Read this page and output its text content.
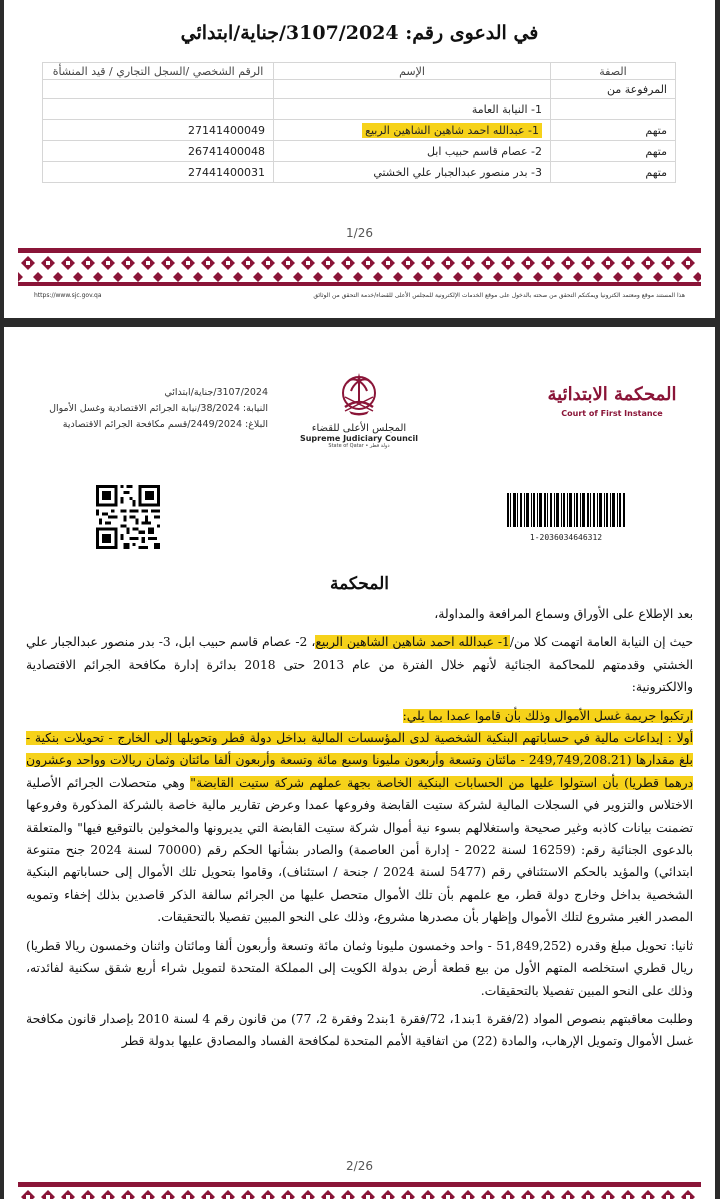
في الدعوى رقم: 3107/2024/جناية/ابتدائي
الصفة	الإسم	الرقم الشخصي /السجل التجاري / قيد المنشأة
المرفوعة من		
	1- النيابة العامة	
متهم	1- عبدالله احمد شاهين الشاهين الربيع	27141400049
متهم	2- عصام قاسم حبيب ابل	26741400048
متهم	3- بدر منصور عبدالجبار علي الخشتي	27441400031
1/26
هذا المستند موقع ومعتمد الكترونيا ويمكنكم التحقق من صحته بالدخول على موقع الخدمات الإلكترونية للمجلس الأعلى للقضاء/خدمة التحقق من الوثائق
https://www.sjc.gov.qa
المحكمة الابتدائية
Court of First Instance
المجلس الأعلى للقضاء
Supreme Judiciary Council
State of Qatar • دولة قطر
3107/2024/جناية/ابتدائي
النيابة: 38/2024/نيابة الجرائم الاقتصادية وغسل الأموال
البلاغ: 2449/2024/قسم مكافحة الجرائم الاقتصادية
1-2036034646312
المحكمة

بعد الإطلاع على الأوراق وسماع المرافعة والمداولة،

حيث إن النيابة العامة اتهمت كلا من/1- عبدالله احمد شاهين الشاهين الربيع، 2- عصام قاسم حبيب ابل، 3- بدر منصور عبدالجبار علي الخشتي وقدمتهم للمحاكمة الجنائية لأنهم خلال الفترة من عام 2013 حتى 2018 بدائرة إدارة مكافحة الجرائم الاقتصادية والالكترونية:

ارتكبوا جريمة غسل الأموال وذلك بأن قاموا عمدا بما يلي:

أولا : إيداعات مالية في حساباتهم البنكية الشخصية لدى المؤسسات المالية بداخل دولة قطر وتحويلها إلى الخارج - تحويلات بنكية - بلغ مقدارها (249,749,208.21 - مائتان وتسعة وأربعون مليونا وسبع مائة وتسعة وأربعون ألفا مائتان وثمان ريالات وواحد وعشرون درهما قطريا) بأن استولوا عليها من الحسابات البنكية الخاصة بجهة عملهم شركة ستيت القابضة" وهي متحصلات الجرائم الأصلية الاختلاس والتزوير في السجلات المالية لشركة ستيت القابضة وفروعها عمدا وعرض تقارير مالية خاصة بالشركة المذكورة وفروعها تضمنت بيانات كاذبه وغير صحيحة واستغلالهم بسوء نية أموال شركة ستيت القابضة التي يديرونها والمخولين بالتوقيع فيها" والمتعلقة بالدعوى الجنائية رقم: (16259 لسنة 2022 - إدارة أمن العاصمة) والصادر بشأنها الحكم رقم (70000 لسنة 2024 جنح متنوعة ابتدائي) والمؤيد بالحكم الاستئنافي رقم (5477 لسنة 2024 / جنحة / استئناف)، وقاموا بتحويل تلك الأموال إلى حساباتهم البنكية الشخصية بداخل وخارج دولة قطر، مع علمهم بأن تلك الأموال متحصل عليها من الجرائم سالفة الذكر قاصدين بذلك إخفاء وتمويه المصدر الغير مشروع لتلك الأموال وإظهار بأن مصدرها مشروع، وذلك على النحو المبين تفصيلا بالتحقيقات.

ثانيا: تحويل مبلغ وقدره (51,849,252 - واحد وخمسون مليونا وثمان مائة وتسعة وأربعون ألفا ومائتان واثنان وخمسون ريالا قطريا) ريال قطري استخلصه المتهم الأول من بيع قطعة أرض بدولة الكويت إلى المملكة المتحدة لتمويل شراء أربع شقق سكنية لفائدته، وذلك على النحو المبين تفصيلا بالتحقيقات.

وطلبت معاقبتهم بنصوص المواد (2/فقرة 1بند1، 72/فقرة 1بند2 وفقرة 2، 77) من قانون رقم 4 لسنة 2010 بإصدار قانون مكافحة غسل الأموال وتمويل الإرهاب، والمادة (22) من اتفاقية الأمم المتحدة لمكافحة الفساد والمصادق عليها بدولة قطر

2/26
